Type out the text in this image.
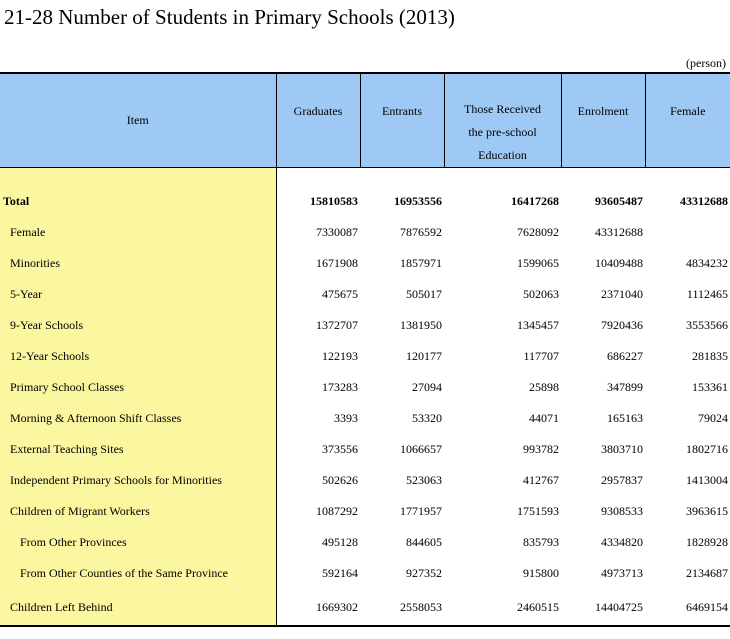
21-28 Number of Students in Primary Schools (2013)
(person)
Item	Graduates	Entrants	Those Received
the pre-school
Education	Enrolment	Female

Total	15810583	16953556	16417268	93605487	43312688
Female	7330087	7876592	7628092	43312688	
Minorities	1671908	1857971	1599065	10409488	4834232
5-Year	475675	505017	502063	2371040	1112465
9-Year Schools	1372707	1381950	1345457	7920436	3553566
12-Year Schools	122193	120177	117707	686227	281835
Primary School Classes	173283	27094	25898	347899	153361
Morning & Afternoon Shift Classes	3393	53320	44071	165163	79024
External Teaching Sites	373556	1066657	993782	3803710	1802716
Independent Primary Schools for Minorities	502626	523063	412767	2957837	1413004
Children of Migrant Workers	1087292	1771957	1751593	9308533	3963615
From Other Provinces	495128	844605	835793	4334820	1828928
From Other Counties of the Same Province	592164	927352	915800	4973713	2134687
Children Left Behind	1669302	2558053	2460515	14404725	6469154
